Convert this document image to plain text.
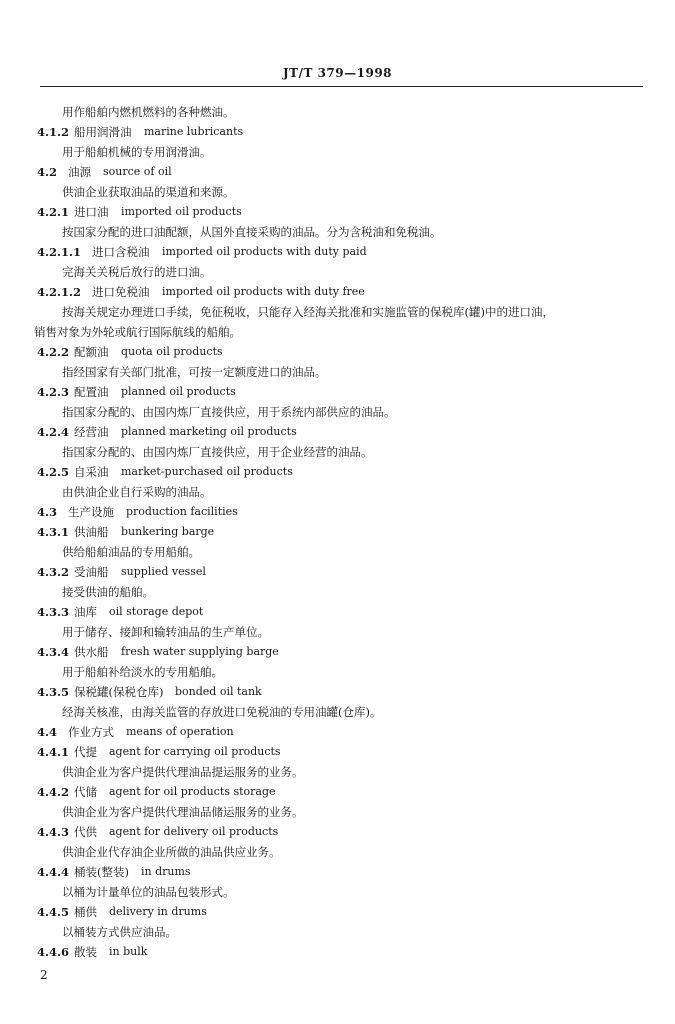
JT/T 379—1998
用作船舶内燃机燃料的各种燃油。
4.1.2 船用润滑油 marine lubricants
用于船舶机械的专用润滑油。
4.2 油源 source of oil
供油企业获取油品的渠道和来源。
4.2.1 进口油 imported oil products
按国家分配的进口油配额，从国外直接采购的油品。分为含税油和免税油。
4.2.1.1 进口含税油 imported oil products with duty paid
完海关关税后放行的进口油。
4.2.1.2 进口免税油 imported oil products with duty free
按海关规定办理进口手续，免征税收，只能存入经海关批准和实施监管的保税库(罐)中的进口油，
销售对象为外轮或航行国际航线的船舶。
4.2.2 配额油 quota oil products
指经国家有关部门批准，可按一定额度进口的油品。
4.2.3 配置油 planned oil products
指国家分配的、由国内炼厂直接供应，用于系统内部供应的油品。
4.2.4 经营油 planned marketing oil products
指国家分配的、由国内炼厂直接供应，用于企业经营的油品。
4.2.5 自采油 market-purchased oil products
由供油企业自行采购的油品。
4.3 生产设施 production facilities
4.3.1 供油船 bunkering barge
供给船舶油品的专用船舶。
4.3.2 受油船 supplied vessel
接受供油的船舶。
4.3.3 油库 oil storage depot
用于储存、接卸和输转油品的生产单位。
4.3.4 供水船 fresh water supplying barge
用于船舶补给淡水的专用船舶。
4.3.5 保税罐(保税仓库) bonded oil tank
经海关核准，由海关监管的存放进口免税油的专用油罐(仓库)。
4.4 作业方式 means of operation
4.4.1 代提 agent for carrying oil products
供油企业为客户提供代理油品提运服务的业务。
4.4.2 代储 agent for oil products storage
供油企业为客户提供代理油品储运服务的业务。
4.4.3 代供 agent for delivery oil products
供油企业代存油企业所做的油品供应业务。
4.4.4 桶装(整装) in drums
以桶为计量单位的油品包装形式。
4.4.5 桶供 delivery in drums
以桶装方式供应油品。
4.4.6 散装 in bulk
2
